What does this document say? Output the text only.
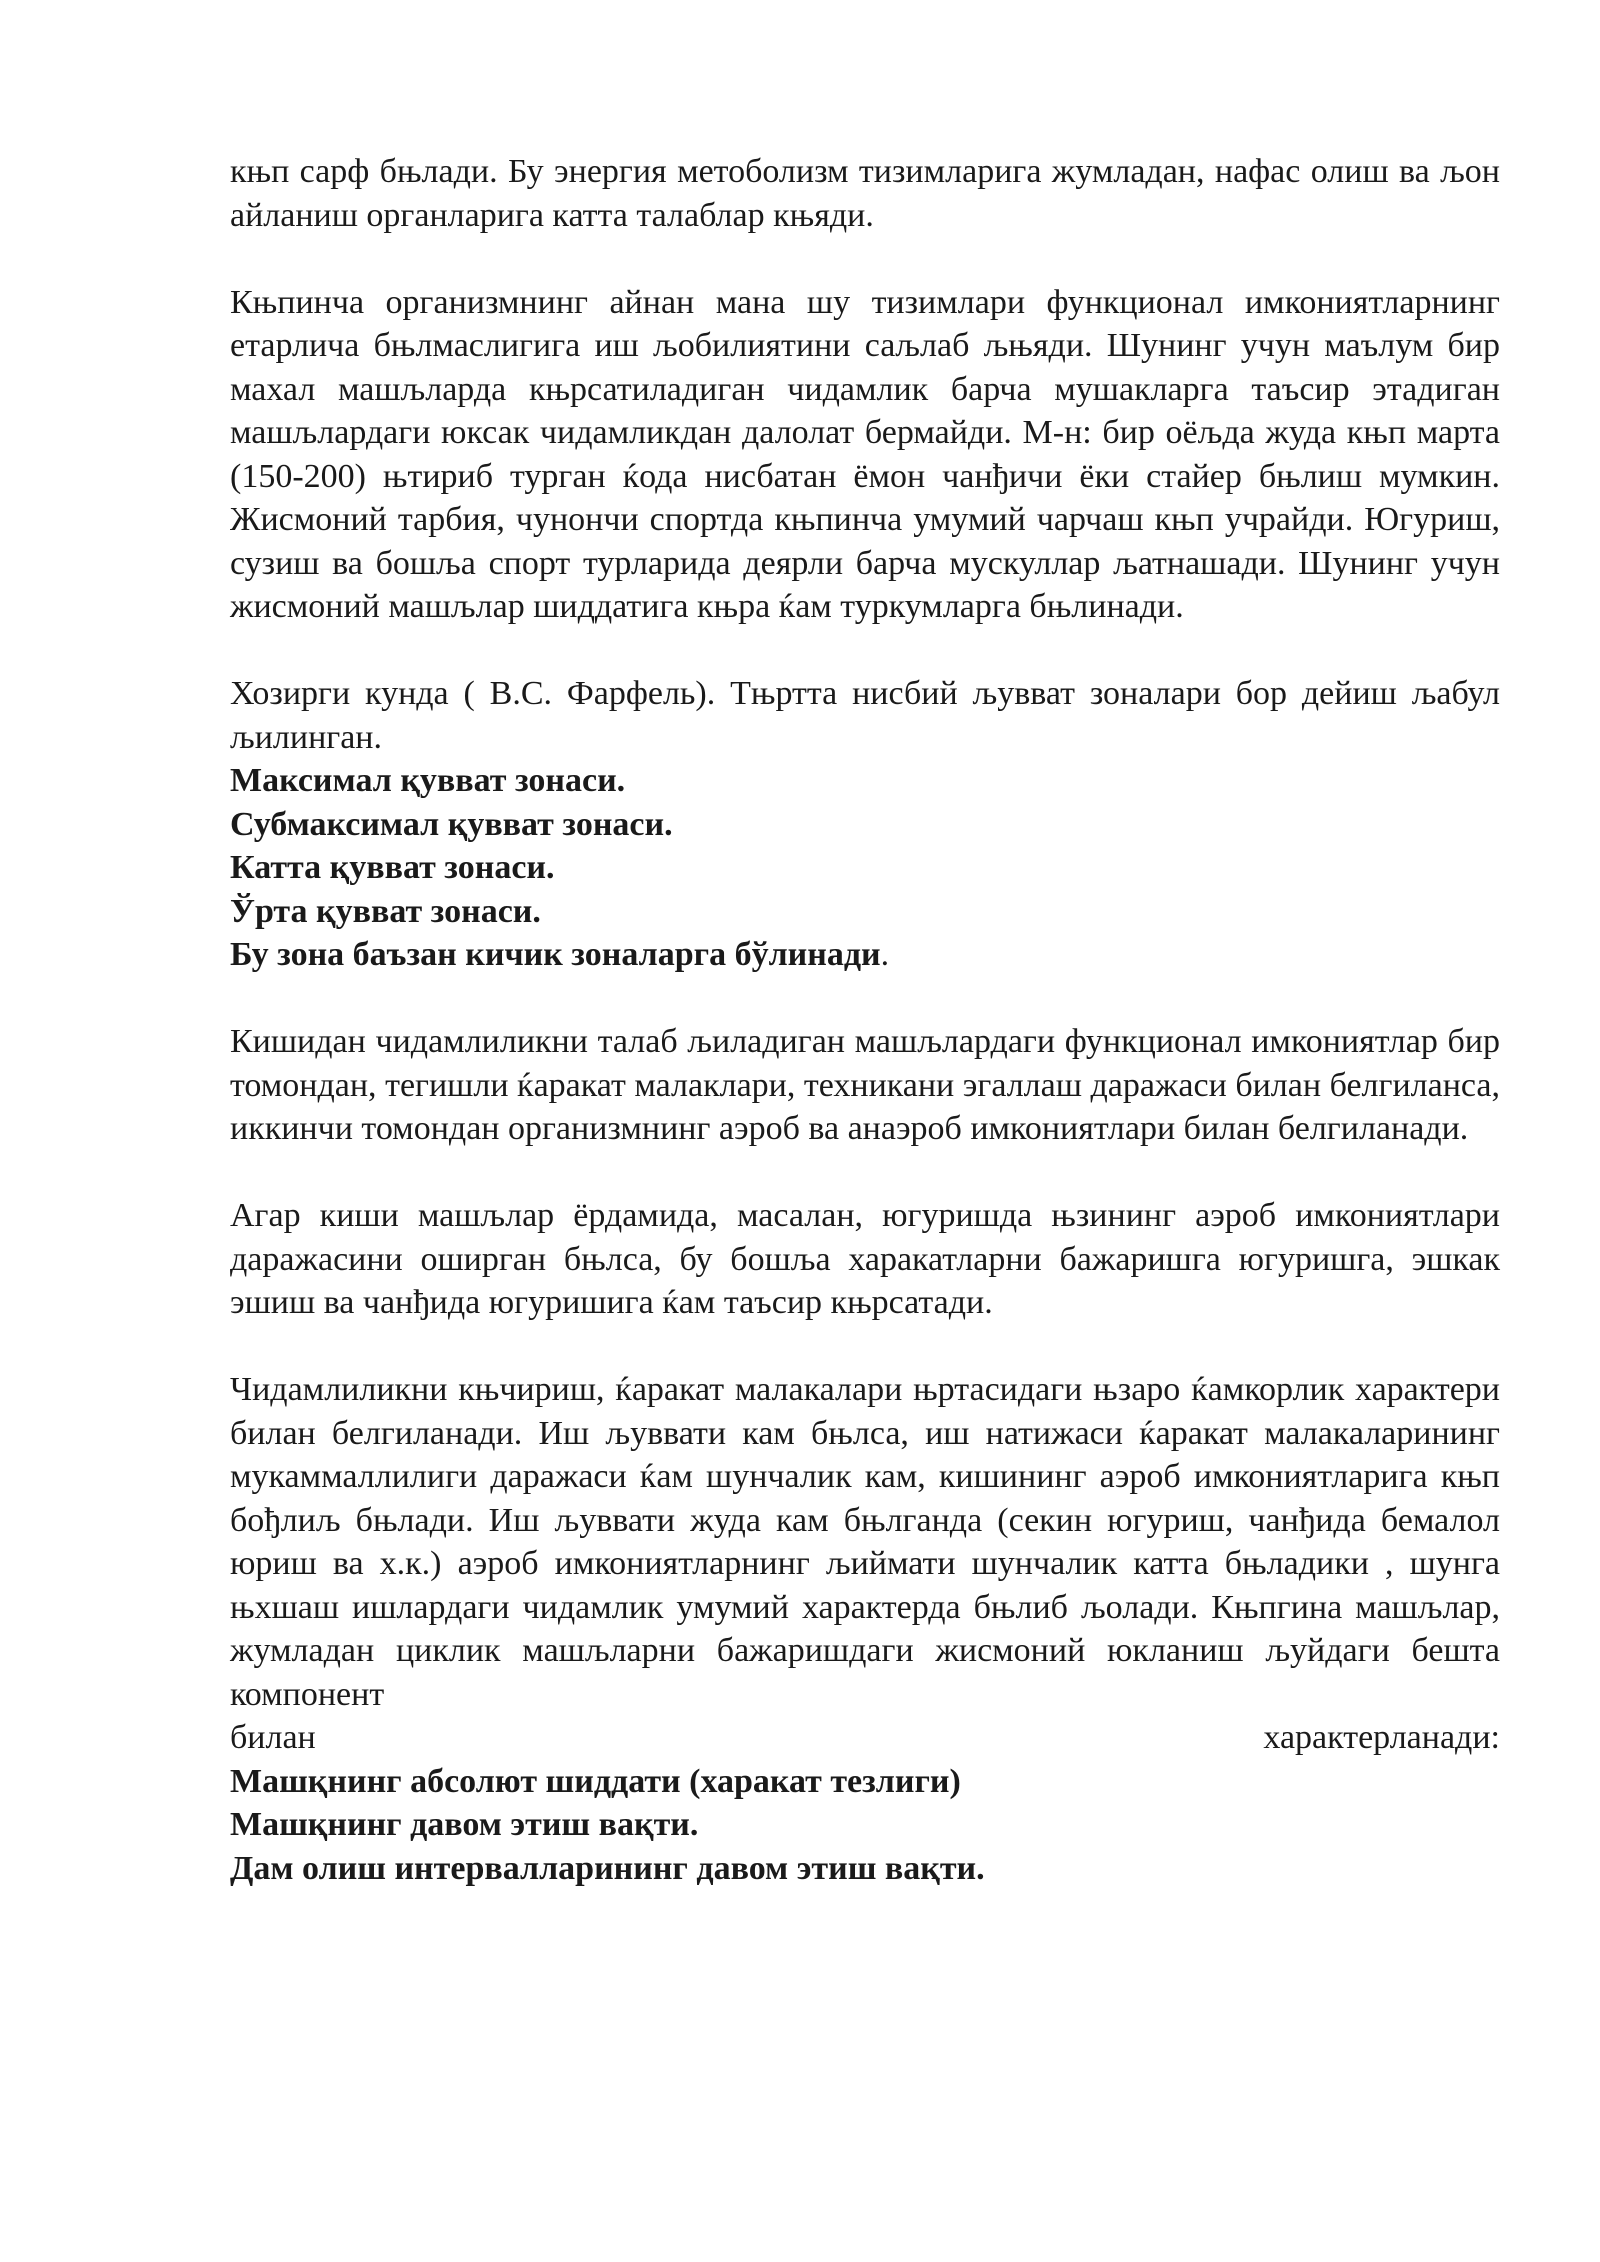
књп сарф бњлади. Бу энергия метоболизм тизимларига жумладан, нафас олиш ва љон айланиш органларига катта талаблар књяди.

Књпинча организмнинг айнан мана шу тизимлари функционал имкониятларнинг етарлича бњлмаслигига иш љобилиятини саљлаб љњяди. Шунинг учун маълум бир махал машљларда књрсатиладиган чидамлик барча мушакларга таъсир этадиган машљлардаги юксак чидамликдан далолат бермайди. М-н: бир оёљда жуда књп марта (150-200) њтириб турган ќода нисбатан ёмон чанђичи ёки стайер бњлиш мумкин. Жисмоний тарбия, чунончи спортда књпинча умумий чарчаш књп учрайди. Югуриш, сузиш ва бошља спорт турларида деярли барча мускуллар љатнашади. Шунинг учун жисмоний машљлар шиддатига књра ќам туркумларга бњлинади.

Хозирги кунда ( В.С. Фарфель). Тњртта нисбий љувват зоналари бор дейиш љабул љилинган.

Максимал қувват зонаси.

Субмаксимал қувват зонаси.

Катта қувват зонаси.

Ўрта қувват зонаси.

Бу зона баъзан кичик зоналарга бўлинади.

Кишидан чидамлиликни талаб љиладиган машљлардаги функционал имкониятлар бир томондан, тегишли ќаракат малаклари, техникани эгаллаш даражаси билан белгиланса, иккинчи томондан организмнинг аэроб ва анаэроб имкониятлари билан белгиланади.

Агар киши машљлар ёрдамида, масалан, югуришда њзининг аэроб имкониятлари даражасини оширган бњлса, бу бошља харакатларни бажаришга югуришга, эшкак эшиш ва чанђида югуришига ќам таъсир књрсатади.

Чидамлиликни књчириш, ќаракат малакалари њртасидаги њзаро ќамкорлик характери билан белгиланади. Иш љуввати кам бњлса, иш натижаси ќаракат малакаларининг мукаммаллилиги даражаси ќам шунчалик кам, кишининг аэроб имкониятларига књп бођлиљ бњлади. Иш љуввати жуда кам бњлганда (секин югуриш, чанђида бемалол юриш ва х.к.) аэроб имкониятларнинг љиймати шунчалик катта бњладики , шунга њхшаш ишлардаги чидамлик умумий характерда бњлиб љолади. Књпгина машљлар, жумладан циклик машљларни бажаришдаги жисмоний юкланиш љуйдаги бешта компонент

билан	характерланади:

Машқнинг абсолют шиддати (харакат тезлиги)

Машқнинг давом этиш вақти.

Дам олиш интервалларининг давом этиш вақти.
